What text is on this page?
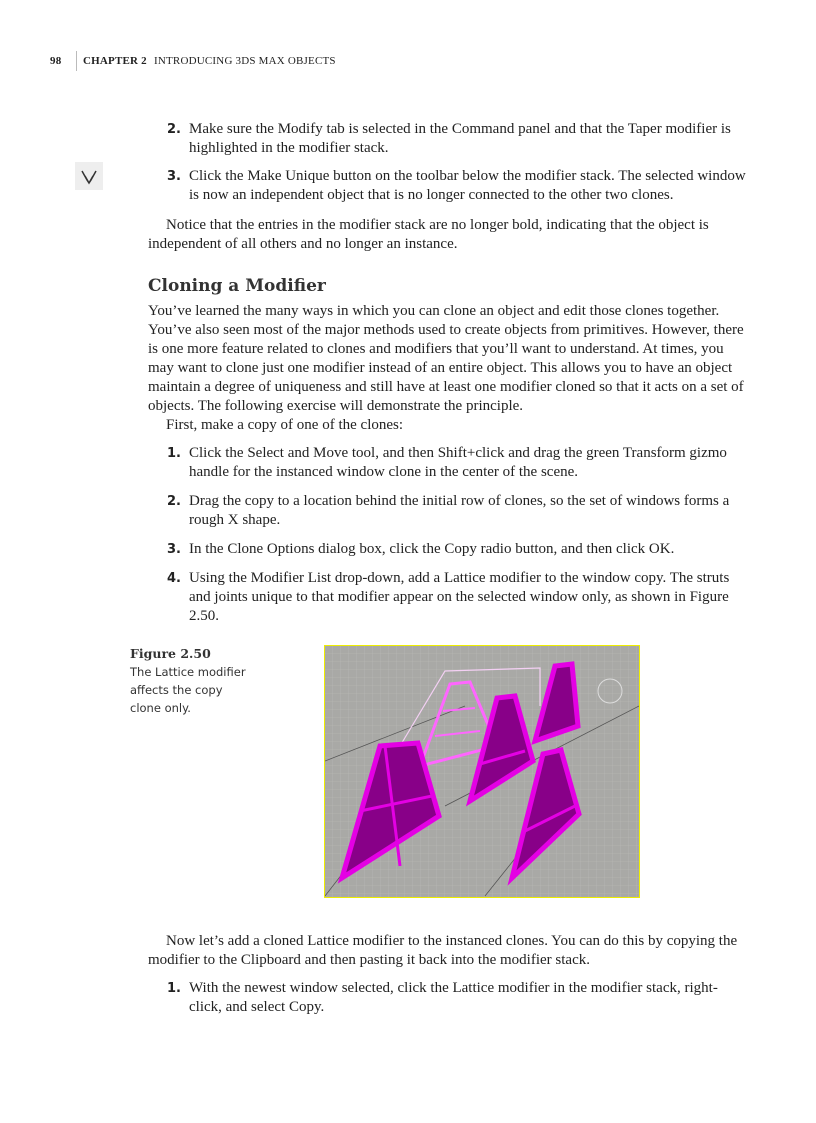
98 CHAPTER 2 INTRODUCING 3DS MAX OBJECTS
2. Make sure the Modify tab is selected in the Command panel and that the Taper modifier is highlighted in the modifier stack.
3. Click the Make Unique button on the toolbar below the modifier stack. The selected window is now an independent object that is no longer connected to the other two clones.
Notice that the entries in the modifier stack are no longer bold, indicating that the object is independent of all others and no longer an instance.
Cloning a Modifier
You’ve learned the many ways in which you can clone an object and edit those clones together. You’ve also seen most of the major methods used to create objects from primitives. However, there is one more feature related to clones and modifiers that you’ll want to understand. At times, you may want to clone just one modifier instead of an entire object. This allows you to have an object maintain a degree of uniqueness and still have at least one modifier cloned so that it acts on a set of objects. The following exercise will demonstrate the principle.
First, make a copy of one of the clones:
1. Click the Select and Move tool, and then Shift+click and drag the green Transform gizmo handle for the instanced window clone in the center of the scene.
2. Drag the copy to a location behind the initial row of clones, so the set of windows forms a rough X shape.
3. In the Clone Options dialog box, click the Copy radio button, and then click OK.
4. Using the Modifier List drop-down, add a Lattice modifier to the window copy. The struts and joints unique to that modifier appear on the selected window only, as shown in Figure 2.50.
Figure 2.50
The Lattice modifier affects the copy clone only.
Now let’s add a cloned Lattice modifier to the instanced clones. You can do this by copying the modifier to the Clipboard and then pasting it back into the modifier stack.
1. With the newest window selected, click the Lattice modifier in the modifier stack, right-click, and select Copy.
